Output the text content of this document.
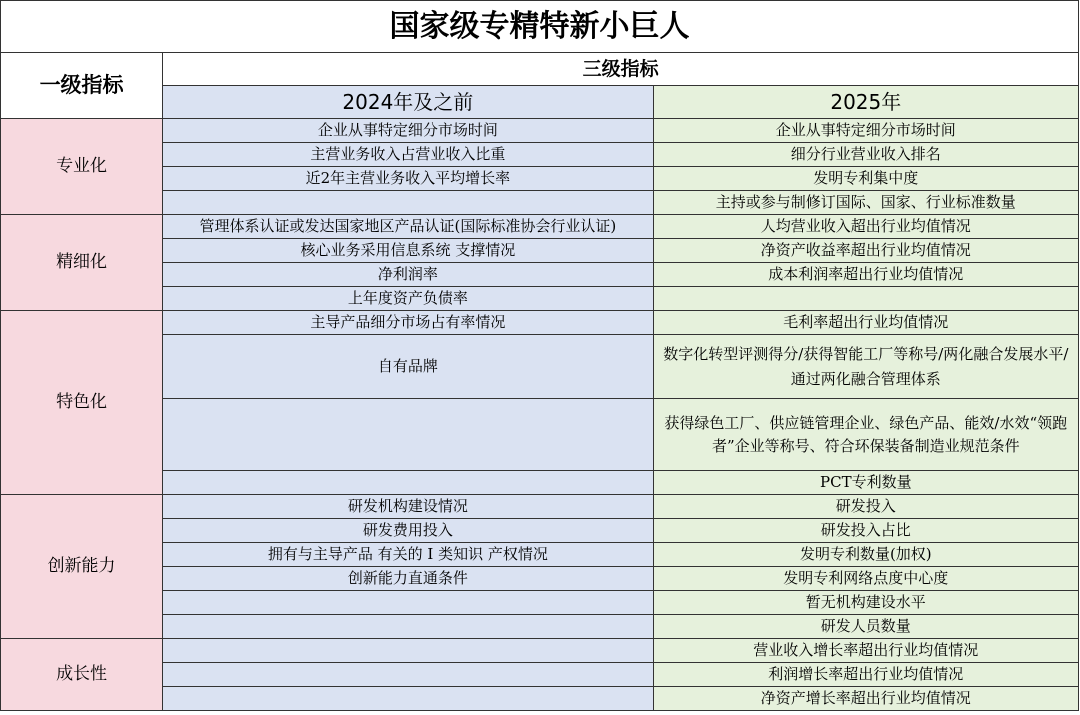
国家级专精特新小巨人		
一级指标	三级指标	
	2024年及之前	2025年
专业化	企业从事特定细分市场时间	企业从事特定细分市场时间
	主营业务收入占营业收入比重	细分行业营业收入排名
	近2年主营业务收入平均增长率	发明专利集中度
		主持或参与制修订国际、国家、行业标准数量
精细化	管理体系认证或发达国家地区产品认证(国际标准协会行业认证)	人均营业收入超出行业均值情况
	核心业务采用信息系统 支撑情况	净资产收益率超出行业均值情况
	净利润率	成本利润率超出行业均值情况
	上年度资产负债率	
特色化	主导产品细分市场占有率情况	毛利率超出行业均值情况
	自有品牌	数字化转型评测得分/获得智能工厂等称号/两化融合发展水平/通过两化融合管理体系
		获得绿色工厂、供应链管理企业、绿色产品、能效/水效“领跑者”企业等称号、符合环保装备制造业规范条件
		PCT专利数量
创新能力	研发机构建设情况	研发投入
	研发费用投入	研发投入占比
	拥有与主导产品 有关的 I 类知识 产权情况	发明专利数量(加权)
	创新能力直通条件	发明专利网络点度中心度
		暂无机构建设水平
		研发人员数量
成长性		营业收入增长率超出行业均值情况
		利润增长率超出行业均值情况
		净资产增长率超出行业均值情况
